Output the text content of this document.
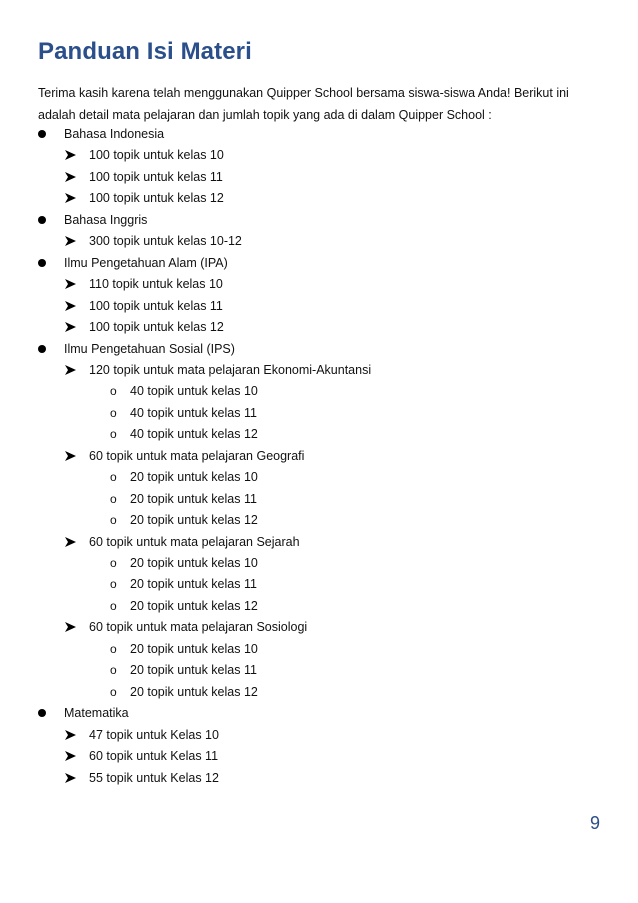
Panduan Isi Materi

Terima kasih karena telah menggunakan Quipper School bersama siswa-siswa Anda! Berikut ini

adalah detail mata pelajaran dan jumlah topik yang ada di dalam Quipper School :

Bahasa Indonesia
100 topik untuk kelas 10
100 topik untuk kelas 11
100 topik untuk kelas 12
Bahasa Inggris
300 topik untuk kelas 10-12
Ilmu Pengetahuan Alam (IPA)
110 topik untuk kelas 10
100 topik untuk kelas 11
100 topik untuk kelas 12
Ilmu Pengetahuan Sosial (IPS)
120 topik untuk mata pelajaran Ekonomi-Akuntansi
o 40 topik untuk kelas 10
o 40 topik untuk kelas 11
o 40 topik untuk kelas 12
60 topik untuk mata pelajaran Geografi
o 20 topik untuk kelas 10
o 20 topik untuk kelas 11
o 20 topik untuk kelas 12
60 topik untuk mata pelajaran Sejarah
o 20 topik untuk kelas 10
o 20 topik untuk kelas 11
o 20 topik untuk kelas 12
60 topik untuk mata pelajaran Sosiologi
o 20 topik untuk kelas 10
o 20 topik untuk kelas 11
o 20 topik untuk kelas 12
Matematika
47 topik untuk Kelas 10
60 topik untuk Kelas 11
55 topik untuk Kelas 12
9
